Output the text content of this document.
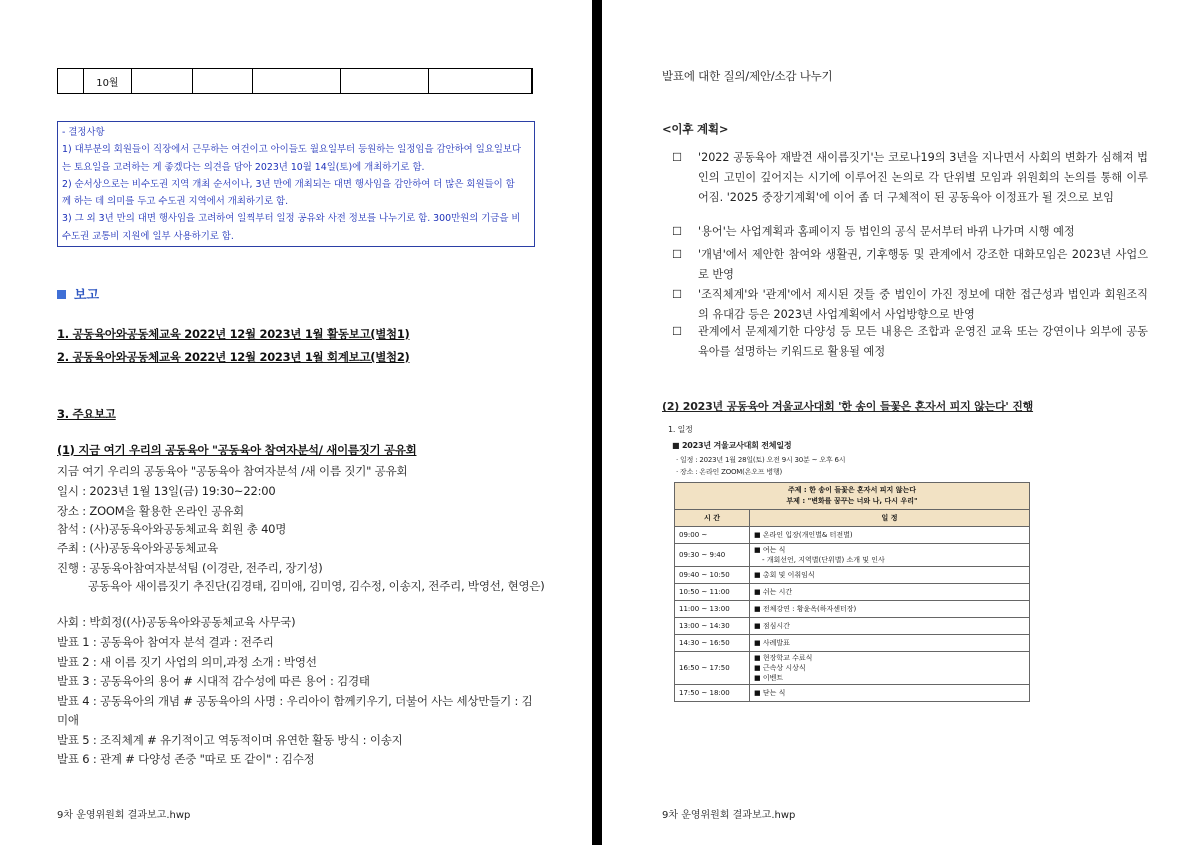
	10월						
- 결정사항
1) 대부분의 회원들이 직장에서 근무하는 여건이고 아이들도 월요일부터 등원하는 일정임을 감안하여 일요일보다
는 토요일을 고려하는 게 좋겠다는 의견을 담아 2023년 10월 14일(토)에 개최하기로 함.
2) 순서상으로는 비수도권 지역 개최 순서이나, 3년 만에 개최되는 대면 행사임을 감안하여 더 많은 회원들이 함
께 하는 데 의미를 두고 수도권 지역에서 개최하기로 함.
3) 그 외 3년 만의 대면 행사임을 고려하여 일찍부터 일정 공유와 사전 정보를 나누기로 함. 300만원의 기금을 비
수도권 교통비 지원에 일부 사용하기로 함.
보고
1. 공동육아와공동체교육 2022년 12월 2023년 1월 활동보고(별첨1)
2. 공동육아와공동체교육 2022년 12월 2023년 1월 회계보고(별첨2)
3. 주요보고
(1) 지금 여기 우리의 공동육아 "공동육아 참여자분석/ 새이름짓기 공유회
지금 여기 우리의 공동육아 "공동육아 참여자분석 /새 이름 짓기" 공유회
일시 : 2023년 1월 13일(금) 19:30~22:00
장소 : ZOOM을 활용한 온라인 공유회
참석 : (사)공동육아와공동체교육 회원 총 40명
주최 : (사)공동육아와공동체교육
진행 : 공동육아참여자분석팀 (이경란, 전주리, 장기성)
공동육아 새이름짓기 추진단(김경태, 김미애, 김미영, 김수정, 이송지, 전주리, 박영선, 현영은)
사회 : 박희정((사)공동육아와공동체교육 사무국)
발표 1 : 공동육아 참여자 분석 결과 : 전주리
발표 2 : 새 이름 짓기 사업의 의미,과정 소개 : 박영선
발표 3 : 공동육아의 용어 # 시대적 감수성에 따른 용어 : 김경태
발표 4 : 공동육아의 개념 # 공동육아의 사명 : 우리아이 함께키우기, 더불어 사는 세상만들기 : 김
미애
발표 5 : 조직체계 # 유기적이고 역동적이며 유연한 활동 방식 : 이송지
발표 6 : 관계 # 다양성 존중 "따로 또 같이" : 김수정
9차 운영위원회 결과보고.hwp
발표에 대한 질의/제안/소감 나누기
<이후 계획>
☐ '2022 공동육아 재발견 새이름짓기'는 코로나19의 3년을 지나면서 사회의 변화가 심해져 법인의 고민이 깊어지는 시기에 이루어진 논의로 각 단위별 모임과 위원회의 논의를 통해 이루어짐. '2025 중장기계획'에 이어 좀 더 구체적이 된 공동육아 이정표가 될 것으로 보임
☐ '용어'는 사업계획과 홈페이지 등 법인의 공식 문서부터 바뀌 나가며 시행 예정
☐ '개념'에서 제안한 참여와 생활권, 기후행동 및 관계에서 강조한 대화모임은 2023년 사업으로 반영
☐ '조직체계'와 '관계'에서 제시된 것들 중 법인이 가진 정보에 대한 접근성과 법인과 회원조직의 유대감 등은 2023년 사업계획에서 사업방향으로 반영
☐ 관계에서 문제제기한 다양성 등 모든 내용은 조합과 운영진 교육 또는 강연이나 외부에 공동육아를 설명하는 키워드로 활용될 예정
(2) 2023년 공동육아 겨울교사대회 '한 송이 들꽃은 혼자서 피지 않는다' 진행
1. 일정
■ 2023년 겨울교사대회 전체일정
· 일정 : 2023년 1월 28일(토) 오전 9시 30분 ~ 오후 6시
· 장소 : 온라인 ZOOM(온오프 병행)
주제 : 한 송이 들꽃은 혼자서 피지 않는다
부제 : "변화를 꿈꾸는 너와 나, 다시 우리"	

시 간	일 정
09:00 ~	■ 온라인 입장(개인별& 터전별)
09:30 ~ 9:40	■ 여는 식
- 개회선언, 지역별(단위별) 소개 및 인사

09:40 ~ 10:50	■ 총회 및 이취임식
10:50 ~ 11:00	■ 쉬는 시간
11:00 ~ 13:00	■ 전체강연 : 황윤옥(하자센터장)
13:00 ~ 14:30	■ 점심시간
14:30 ~ 16:50	■ 사례발표
16:50 ~ 17:50	■ 현장학교 수료식
■ 근속상 시상식
■ 이벤트

17:50 ~ 18:00	■ 닫는 식
9차 운영위원회 결과보고.hwp
